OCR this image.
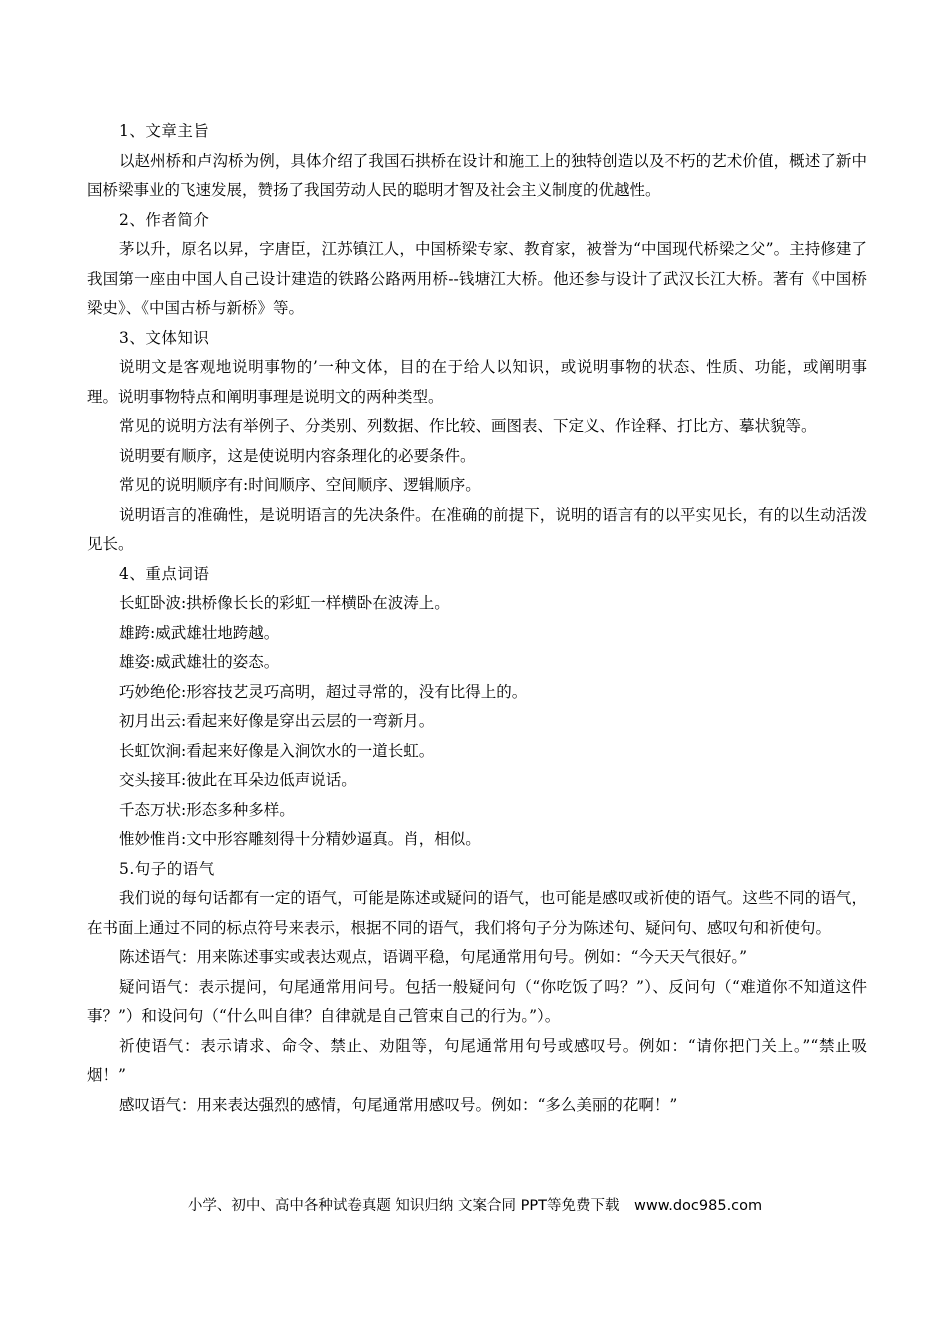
1、文章主旨

以赵州桥和卢沟桥为例，具体介绍了我国石拱桥在设计和施工上的独特创造以及不朽的艺术价值，概述了新中国桥梁事业的飞速发展，赞扬了我国劳动人民的聪明才智及社会主义制度的优越性。

2、作者简介

茅以升，原名以昇，字唐臣，江苏镇江人，中国桥梁专家、教育家，被誉为“中国现代桥梁之父”。主持修建了我国第一座由中国人自己设计建造的铁路公路两用桥--钱塘江大桥。他还参与设计了武汉长江大桥。著有《中国桥梁史》、《中国古桥与新桥》等。

3、文体知识

说明文是客观地说明事物的’一种文体，目的在于给人以知识，或说明事物的状态、性质、功能，或阐明事理。说明事物特点和阐明事理是说明文的两种类型。

常见的说明方法有举例子、分类别、列数据、作比较、画图表、下定义、作诠释、打比方、摹状貌等。

说明要有顺序，这是使说明内容条理化的必要条件。

常见的说明顺序有:时间顺序、空间顺序、逻辑顺序。

说明语言的准确性，是说明语言的先决条件。在准确的前提下，说明的语言有的以平实见长，有的以生动活泼见长。

4、重点词语

长虹卧波:拱桥像长长的彩虹一样横卧在波涛上。

雄跨:威武雄壮地跨越。

雄姿:威武雄壮的姿态。

巧妙绝伦:形容技艺灵巧高明，超过寻常的，没有比得上的。

初月出云:看起来好像是穿出云层的一弯新月。

长虹饮涧:看起来好像是入涧饮水的一道长虹。

交头接耳:彼此在耳朵边低声说话。

千态万状:形态多种多样。

惟妙惟肖:文中形容雕刻得十分精妙逼真。肖，相似。

5.句子的语气

我们说的每句话都有一定的语气，可能是陈述或疑问的语气，也可能是感叹或祈使的语气。这些不同的语气，在书面上通过不同的标点符号来表示，根据不同的语气，我们将句子分为陈述句、疑问句、感叹句和祈使句。

陈述语气：用来陈述事实或表达观点，语调平稳，句尾通常用句号。例如：“今天天气很好。”

疑问语气：表示提问，句尾通常用问号。包括一般疑问句（“你吃饭了吗？”）、反问句（“难道你不知道这件事？”）和设问句（“什么叫自律？自律就是自己管束自己的行为。”）。

祈使语气：表示请求、命令、禁止、劝阻等，句尾通常用句号或感叹号。例如：“请你把门关上。”“禁止吸烟！”

感叹语气：用来表达强烈的感情，句尾通常用感叹号。例如：“多么美丽的花啊！”

小学、初中、高中各种试卷真题 知识归纳 文案合同 PPT等免费下载　www.doc985.com
